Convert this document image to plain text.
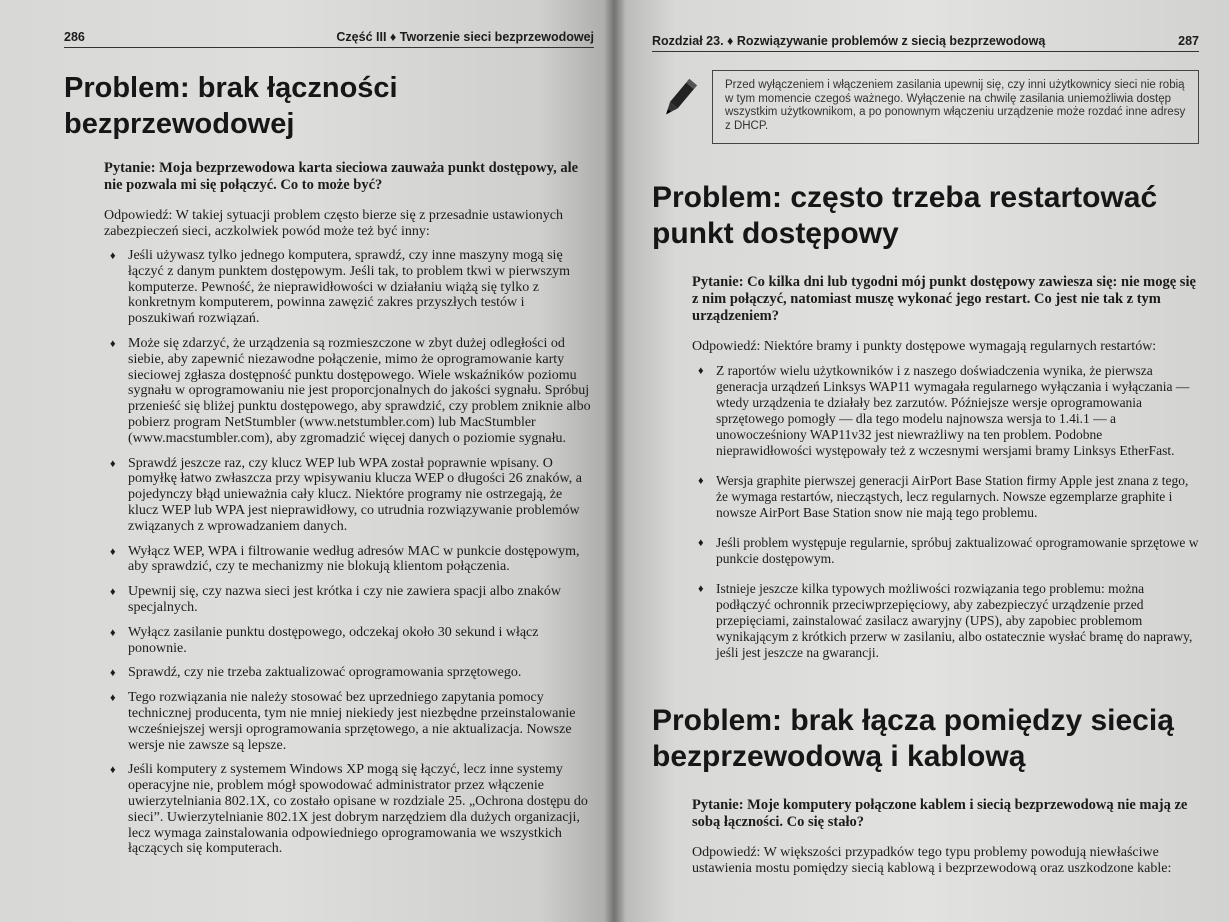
286	Część III ♦ Tworzenie sieci bezprzewodowej
Problem: brak łączności bezprzewodowej

Pytanie: Moja bezprzewodowa karta sieciowa zauważa punkt dostępowy, ale nie pozwala mi się połączyć. Co to może być?

Odpowiedź: W takiej sytuacji problem często bierze się z przesadnie ustawionych zabezpieczeń sieci, aczkolwiek powód może też być inny:

♦ Jeśli używasz tylko jednego komputera, sprawdź, czy inne maszyny mogą się łączyć z danym punktem dostępowym. Jeśli tak, to problem tkwi w pierwszym komputerze. Pewność, że nieprawidłowości w działaniu wiążą się tylko z konkretnym komputerem, powinna zawęzić zakres przyszłych testów i poszukiwań rozwiązań.
♦ Może się zdarzyć, że urządzenia są rozmieszczone w zbyt dużej odległości od siebie, aby zapewnić niezawodne połączenie, mimo że oprogramowanie karty sieciowej zgłasza dostępność punktu dostępowego. Wiele wskaźników poziomu sygnału w oprogramowaniu nie jest proporcjonalnych do jakości sygnału. Spróbuj przenieść się bliżej punktu dostępowego, aby sprawdzić, czy problem zniknie albo pobierz program NetStumbler (www.netstumbler.com) lub MacStumbler (www.macstumbler.com), aby zgromadzić więcej danych o poziomie sygnału.
♦ Sprawdź jeszcze raz, czy klucz WEP lub WPA został poprawnie wpisany. O pomyłkę łatwo zwłaszcza przy wpisywaniu klucza WEP o długości 26 znaków, a pojedynczy błąd unieważnia cały klucz. Niektóre programy nie ostrzegają, że klucz WEP lub WPA jest nieprawidłowy, co utrudnia rozwiązywanie problemów związanych z wprowadzaniem danych.
♦ Wyłącz WEP, WPA i filtrowanie według adresów MAC w punkcie dostępowym, aby sprawdzić, czy te mechanizmy nie blokują klientom połączenia.
♦ Upewnij się, czy nazwa sieci jest krótka i czy nie zawiera spacji albo znaków specjalnych.
♦ Wyłącz zasilanie punktu dostępowego, odczekaj około 30 sekund i włącz ponownie.
♦ Sprawdź, czy nie trzeba zaktualizować oprogramowania sprzętowego.
♦ Tego rozwiązania nie należy stosować bez uprzedniego zapytania pomocy technicznej producenta, tym nie mniej niekiedy jest niezbędne przeinstalowanie wcześniejszej wersji oprogramowania sprzętowego, a nie aktualizacja. Nowsze wersje nie zawsze są lepsze.
♦ Jeśli komputery z systemem Windows XP mogą się łączyć, lecz inne systemy operacyjne nie, problem mógł spowodować administrator przez włączenie uwierzytelniania 802.1X, co zostało opisane w rozdziale 25. „Ochrona dostępu do sieci”. Uwierzytelnianie 802.1X jest dobrym narzędziem dla dużych organizacji, lecz wymaga zainstalowania odpowiedniego oprogramowania we wszystkich łączących się komputerach.
Rozdział 23. ♦ Rozwiązywanie problemów z siecią bezprzewodową	287
Przed wyłączeniem i włączeniem zasilania upewnij się, czy inni użytkownicy sieci nie robią w tym momencie czegoś ważnego. Wyłączenie na chwilę zasilania uniemożliwia dostęp wszystkim użytkownikom, a po ponownym włączeniu urządzenie może rozdać inne adresy z DHCP.
Problem: często trzeba restartować punkt dostępowy

Pytanie: Co kilka dni lub tygodni mój punkt dostępowy zawiesza się: nie mogę się z nim połączyć, natomiast muszę wykonać jego restart. Co jest nie tak z tym urządzeniem?

Odpowiedź: Niektóre bramy i punkty dostępowe wymagają regularnych restartów:

♦ Z raportów wielu użytkowników i z naszego doświadczenia wynika, że pierwsza generacja urządzeń Linksys WAP11 wymagała regularnego wyłączania i wyłączania — wtedy urządzenia te działały bez zarzutów. Późniejsze wersje oprogramowania sprzętowego pomogły — dla tego modelu najnowsza wersja to 1.4i.1 — a unowocześniony WAP11v32 jest niewrażliwy na ten problem. Podobne nieprawidłowości występowały też z wczesnymi wersjami bramy Linksys EtherFast.
♦ Wersja graphite pierwszej generacji AirPort Base Station firmy Apple jest znana z tego, że wymaga restartów, niecząstych, lecz regularnych. Nowsze egzemplarze graphite i nowsze AirPort Base Station snow nie mają tego problemu.
♦ Jeśli problem występuje regularnie, spróbuj zaktualizować oprogramowanie sprzętowe w punkcie dostępowym.
♦ Istnieje jeszcze kilka typowych możliwości rozwiązania tego problemu: można podłączyć ochronnik przeciwprzepięciowy, aby zabezpieczyć urządzenie przed przepięciami, zainstalować zasilacz awaryjny (UPS), aby zapobiec problemom wynikającym z krótkich przerw w zasilaniu, albo ostatecznie wysłać bramę do naprawy, jeśli jest jeszcze na gwarancji.
Problem: brak łącza pomiędzy siecią bezprzewodową i kablową

Pytanie: Moje komputery połączone kablem i siecią bezprzewodową nie mają ze sobą łączności. Co się stało?

Odpowiedź: W większości przypadków tego typu problemy powodują niewłaściwe ustawienia mostu pomiędzy siecią kablową i bezprzewodową oraz uszkodzone kable:
